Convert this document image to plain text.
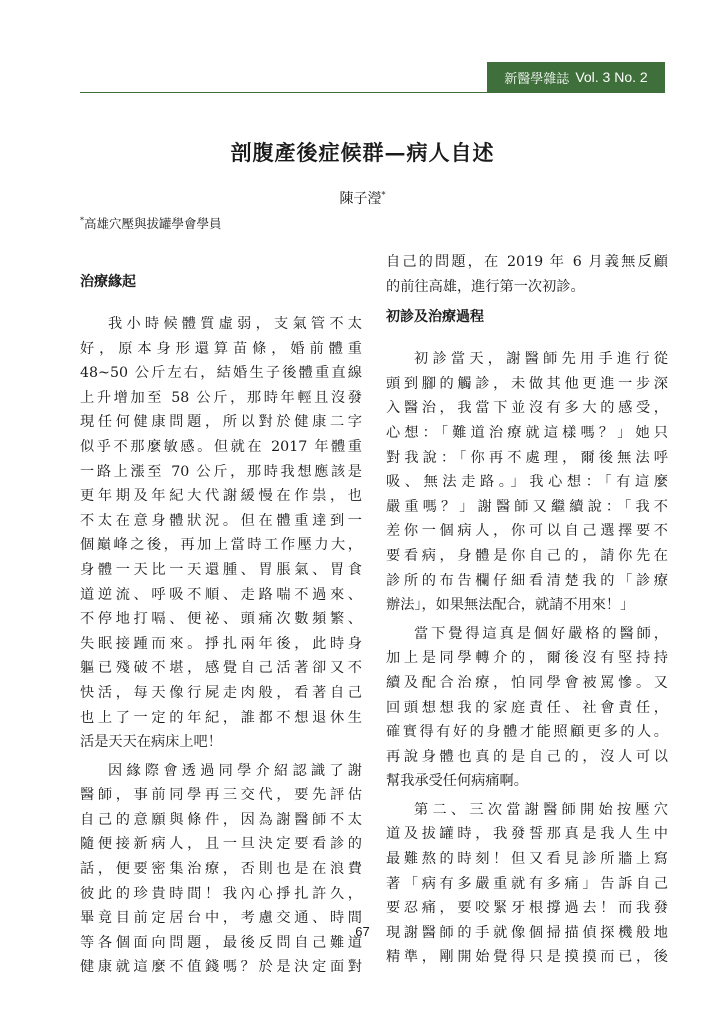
新醫學雜誌 Vol. 3 No. 2
剖腹產後症候群—病人自述
陳子瀅*
*高雄穴壓與拔罐學會學員
治療緣起
我小時候體質虛弱，支氣管不太
好，原本身形還算苗條，婚前體重
48~50 公斤左右，結婚生子後體重直線
上升增加至 58 公斤，那時年輕且沒發
現任何健康問題，所以對於健康二字
似乎不那麼敏感。但就在 2017 年體重
一路上漲至 70 公斤，那時我想應該是
更年期及年紀大代謝緩慢在作祟，也
不太在意身體狀況。但在體重達到一
個巔峰之後，再加上當時工作壓力大，
身體一天比一天還腫、胃脹氣、胃食
道逆流、呼吸不順、走路喘不過來、
不停地打嗝、便祕、頭痛次數頻繁、
失眠接踵而來。掙扎兩年後，此時身
軀已殘破不堪，感覺自己活著卻又不
快活，每天像行屍走肉般，看著自己
也上了一定的年紀，誰都不想退休生
活是天天在病床上吧！
因緣際會透過同學介紹認識了謝
醫師，事前同學再三交代，要先評估
自己的意願與條件，因為謝醫師不太
隨便接新病人，且一旦決定要看診的
話，便要密集治療，否則也是在浪費
彼此的珍貴時間！我內心掙扎許久，
畢竟目前定居台中，考慮交通、時間
等各個面向問題，最後反問自己難道
健康就這麼不值錢嗎？於是決定面對
自己的問題，在 2019 年 6 月義無反顧
的前往高雄，進行第一次初診。
初診及治療過程
初診當天，謝醫師先用手進行從
頭到腳的觸診，未做其他更進一步深
入醫治，我當下並沒有多大的感受，
心想：「難道治療就這樣嗎？」她只
對我說：「你再不處理，爾後無法呼
吸、無法走路。」我心想：「有這麼
嚴重嗎？」謝醫師又繼續說：「我不
差你一個病人，你可以自己選擇要不
要看病，身體是你自己的，請你先在
診所的布告欄仔細看清楚我的「診療
辦法」，如果無法配合，就請不用來！」
當下覺得這真是個好嚴格的醫師，
加上是同學轉介的，爾後沒有堅持持
續及配合治療，怕同學會被罵慘。又
回頭想想我的家庭責任、社會責任，
確實得有好的身體才能照顧更多的人。
再說身體也真的是自己的，沒人可以
幫我承受任何病痛啊。
第二、三次當謝醫師開始按壓穴
道及拔罐時，我發誓那真是我人生中
最難熬的時刻！但又看見診所牆上寫
著「病有多嚴重就有多痛」告訴自己
要忍痛，要咬緊牙根撐過去！而我發
現謝醫師的手就像個掃描偵探機般地
精準，剛開始覺得只是摸摸而已，後
67
